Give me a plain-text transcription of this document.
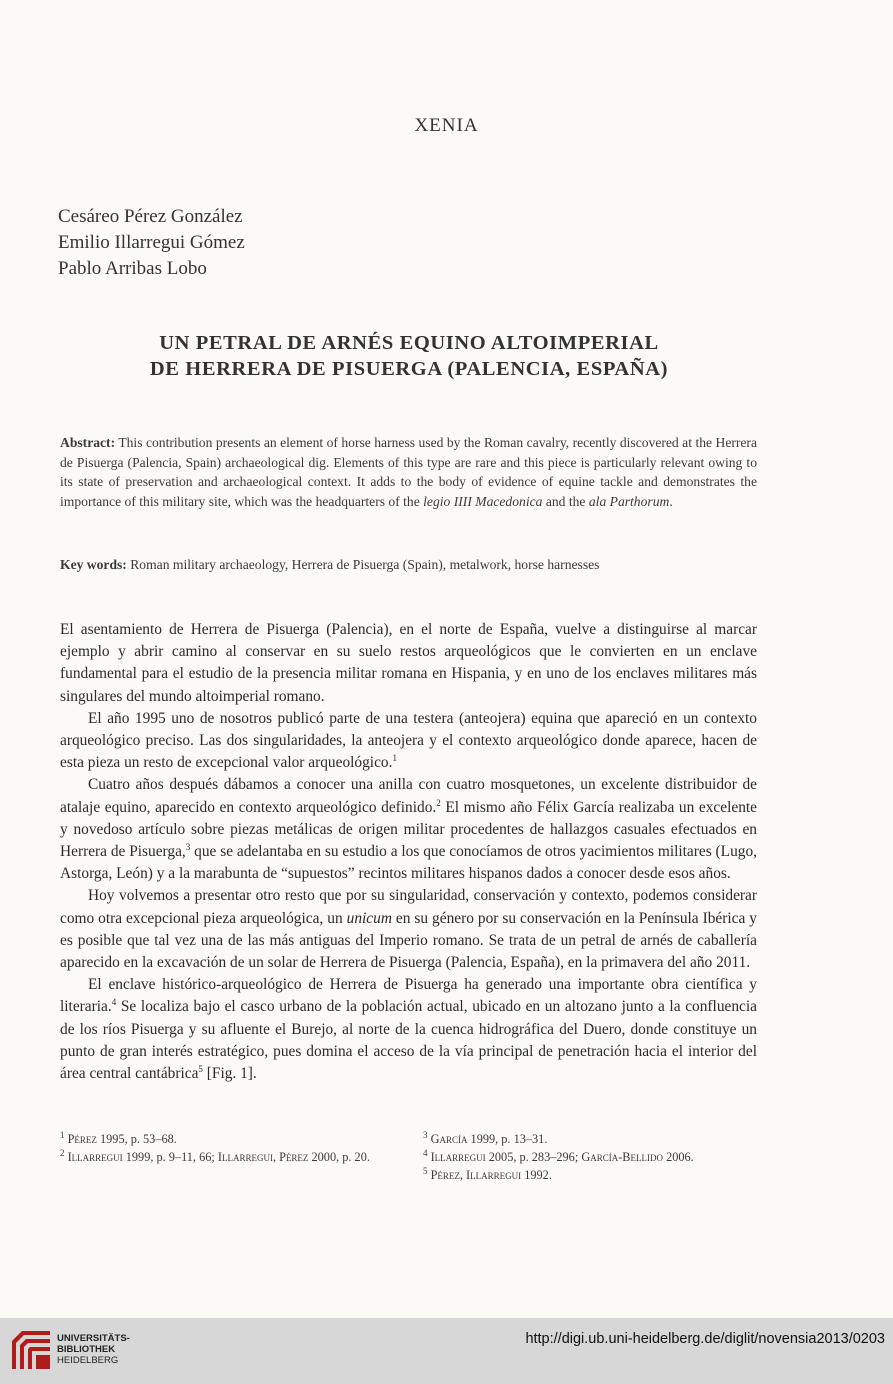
XENIA
Cesáreo Pérez González
Emilio Illarregui Gómez
Pablo Arribas Lobo
UN PETRAL DE ARNÉS EQUINO ALTOIMPERIAL
DE HERRERA DE PISUERGA (PALENCIA, ESPAÑA)
Abstract: This contribution presents an element of horse harness used by the Roman cavalry, recently discovered at the Herrera de Pisuerga (Palencia, Spain) archaeological dig. Elements of this type are rare and this piece is particularly relevant owing to its state of preservation and archaeological context. It adds to the body of evidence of equine tackle and demonstrates the importance of this military site, which was the headquarters of the legio IIII Macedonica and the ala Parthorum.
Key words: Roman military archaeology, Herrera de Pisuerga (Spain), metalwork, horse harnesses

El asentamiento de Herrera de Pisuerga (Palencia), en el norte de España, vuelve a distinguirse al marcar ejemplo y abrir camino al conservar en su suelo restos arqueológicos que le convierten en un enclave fundamental para el estudio de la presencia militar romana en Hispania, y en uno de los enclaves militares más singulares del mundo altoimperial romano.

El año 1995 uno de nosotros publicó parte de una testera (anteojera) equina que apareció en un contexto arqueológico preciso. Las dos singularidades, la anteojera y el contexto arqueológico donde aparece, hacen de esta pieza un resto de excepcional valor arqueológico.$^1$

Cuatro años después dábamos a conocer una anilla con cuatro mosquetones, un excelente distribuidor de atalaje equino, aparecido en contexto arqueológico definido.$^2$ El mismo año Félix García realizaba un excelente y novedoso artículo sobre piezas metálicas de origen militar procedentes de hallazgos casuales efectuados en Herrera de Pisuerga,$^3$ que se adelantaba en su estudio a los que conocíamos de otros yacimientos militares (Lugo, Astorga, León) y a la marabunta de “supuestos” recintos militares hispanos dados a conocer desde esos años.

Hoy volvemos a presentar otro resto que por su singularidad, conservación y contexto, podemos considerar como otra excepcional pieza arqueológica, un unicum en su género por su conservación en la Península Ibérica y es posible que tal vez una de las más antiguas del Imperio romano. Se trata de un petral de arnés de caballería aparecido en la excavación de un solar de Herrera de Pisuerga (Palencia, España), en la primavera del año 2011.

El enclave histórico-arqueológico de Herrera de Pisuerga ha generado una importante obra científica y literaria.$^4$ Se localiza bajo el casco urbano de la población actual, ubicado en un altozano junto a la confluencia de los ríos Pisuerga y su afluente el Burejo, al norte de la cuenca hidrográfica del Duero, donde constituye un punto de gran interés estratégico, pues domina el acceso de la vía principal de penetración hacia el interior del área central cantábrica$^5$ [Fig. 1].

$^1$ Pérez 1995, p. 53–68.

$^2$ Illarregui 1999, p. 9–11, 66; Illarregui, Pérez 2000, p. 20.

$^3$ García 1999, p. 13–31.

$^4$ Illarregui 2005, p. 283–296; García-Bellido 2006.

$^5$ Pérez, Illarregui 1992.

UNIVERSITÄTS-
BIBLIOTHEK
HEIDELBERG
http://digi.ub.uni-heidelberg.de/diglit/novensia2013/0203
